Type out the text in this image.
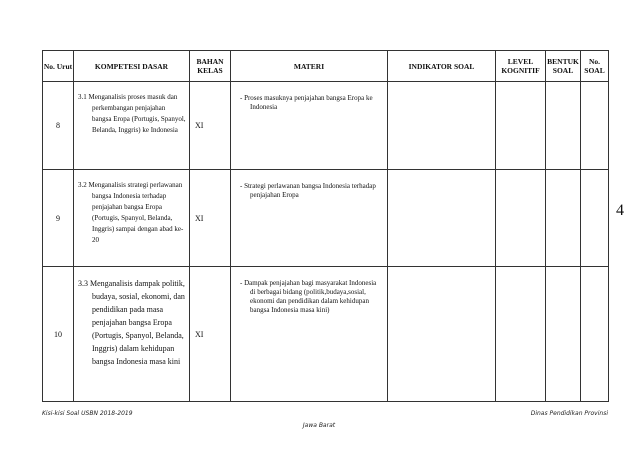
No. Urut	KOMPETESI DASAR	BAHAN KELAS	MATERI	INDIKATOR SOAL	LEVEL KOGNITIF	BENTUK SOAL	No. SOAL
8	3.1 Menganalisis proses masuk dan perkembangan penjajahan bangsa Eropa (Portugis, Spanyol, Belanda, Inggris) ke Indonesia	XI	- Proses masuknya penjajahan bangsa Eropa ke Indonesia				

9	3.2 Menganalisis strategi perlawanan bangsa Indonesia terhadap penjajahan bangsa Eropa (Portugis, Spanyol, Belanda, Inggris) sampai dengan abad ke-20	XI	- Strategi perlawanan bangsa Indonesia terhadap penjajahan Eropa				

10	3.3 Menganalisis dampak politik, budaya, sosial, ekonomi, dan pendidikan pada masa penjajahan bangsa Eropa (Portugis, Spanyol, Belanda, Inggris) dalam kehidupan bangsa Indonesia masa kini	XI	- Dampak penjajahan bagi masyarakat Indonesia di berbagai bidang (politik,budaya,sosial, ekonomi dan pendidikan dalam kehidupan bangsa Indonesia masa kini)				

4
Kisi-kisi Soal USBN 2018-2019	Dinas Pendidikan Provinsi
Jawa Barat
